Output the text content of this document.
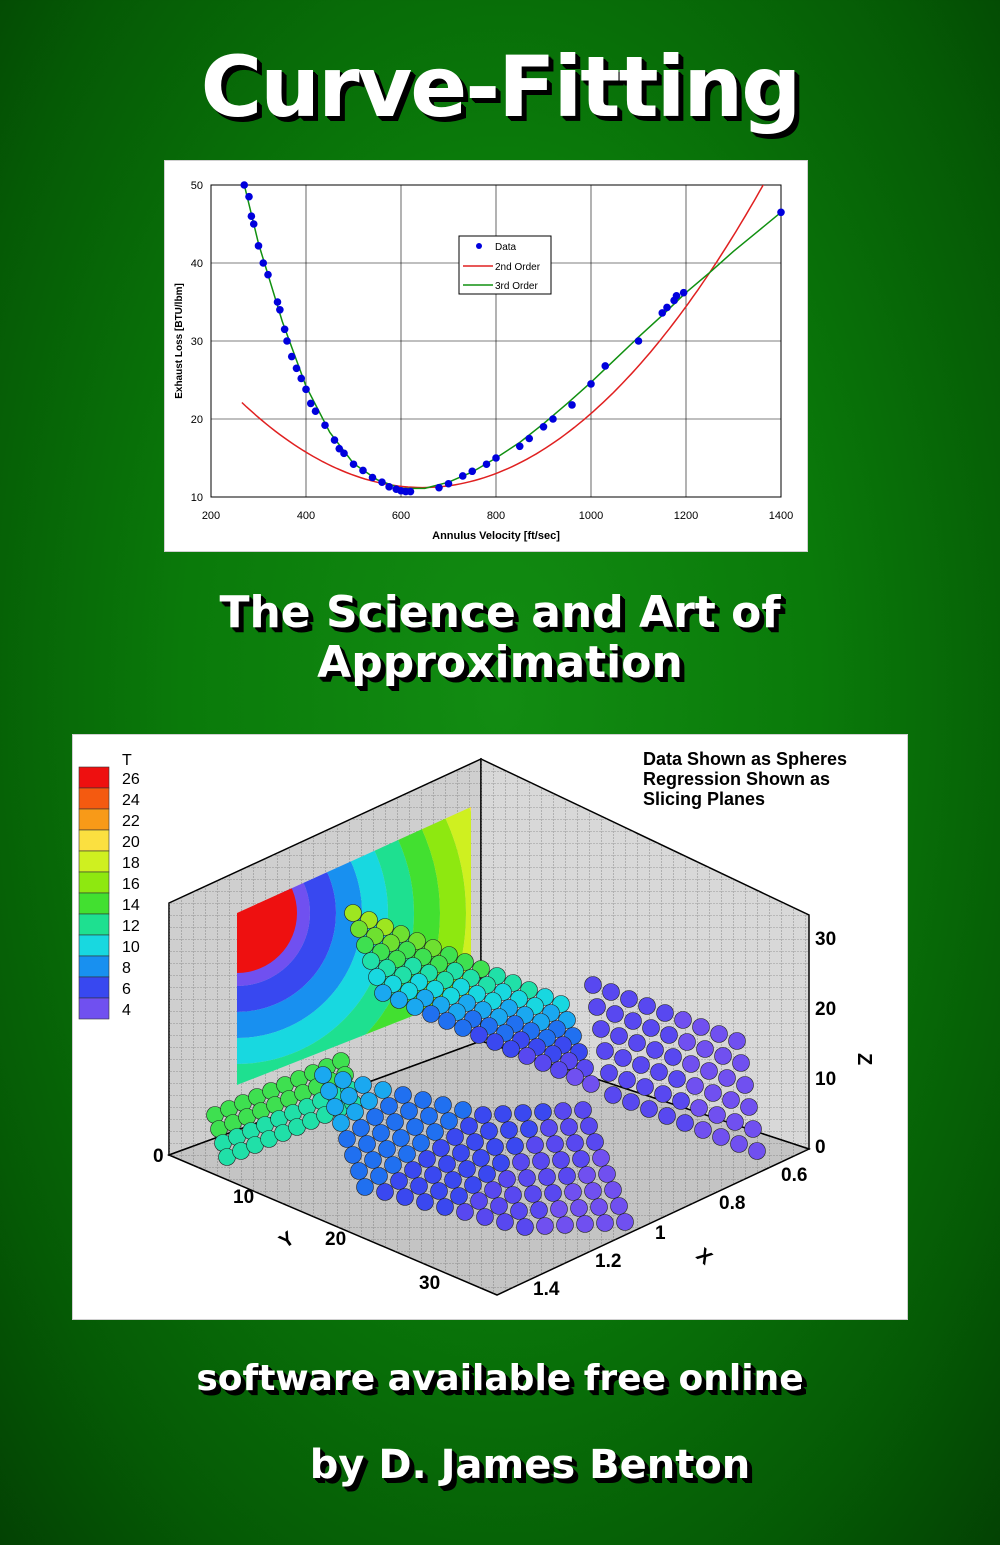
Curve-Fitting
200	400	600	800	1000	1200	1400
10
20
30
40
50
Annulus Velocity [ft/sec]
Exhaust Loss [BTU/lbm]
Data
2nd Order
3rd Order
The Science and Art of
Approximation
T
26
24
22
20
18
16
14
12
10
8
6
4
Data Shown as Spheres
Regression Shown as
Slicing Planes
0
10
20
30
0.6
0.8
1
1.2
1.4
10
20
30
0
Z
Y
X
software available free online
by D. James Benton
